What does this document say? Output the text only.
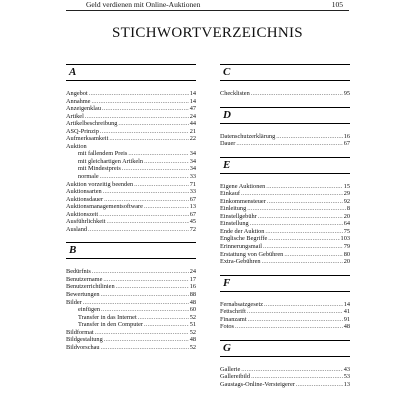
Geld verdienen mit Online-Auktionen	105
STICHWORTVERZEICHNIS
A
Angebot .....	14
Annahme .....	14
Anzeigenklau .....	47
Artikel .....	24
Artikelbeschreibung .....	44
ASQ-Prinzip .....	21
Aufmerksamkeit .....	22
Auktion
mit fallendem Preis .....	34
mit gleichartigen Artikeln .....	34
mit Mindestpreis .....	34
normale .....	33
Auktion vorzeitig beenden .....	71
Auktionsarten .....	33
Auktionsdauer .....	67
Auktionsmanagementsoftware .....	13
Auktionszeit .....	67
Ausführlichkeit .....	45
Ausland .....	72
B
Bedürfnis .....	24
Benutzername .....	17
Benutzerrichtlinien .....	16
Bewertungen .....	88
Bilder .....	48
einfügen .....	60
Transfer in das Internet .....	52
Transfer in den Computer .....	51
Bildformat .....	52
Bildgestaltung .....	48
Bildvorschau .....	52
C
Checklisten .....	95
D
Datenschutzerklärung .....	16
Dauer .....	67
E
Eigene Auktionen .....	15
Einkauf .....	29
Einkommensteuer .....	92
Einleitung .....	8
Einstellgebühr .....	20
Einstellung .....	64
Ende der Auktion .....	75
Englische Begriffe .....	103
Erinnerungsmail .....	79
Erstattung von Gebühren .....	80
Extra-Gebühren .....	20
F
Fernabsatzgesetz .....	14
Fettschrift .....	41
Finanzamt .....	91
Fotos .....	48
G
Gallerie .....	43
Gallereibild .....	53
Gaustags-Online-Versteigerer .....	13
